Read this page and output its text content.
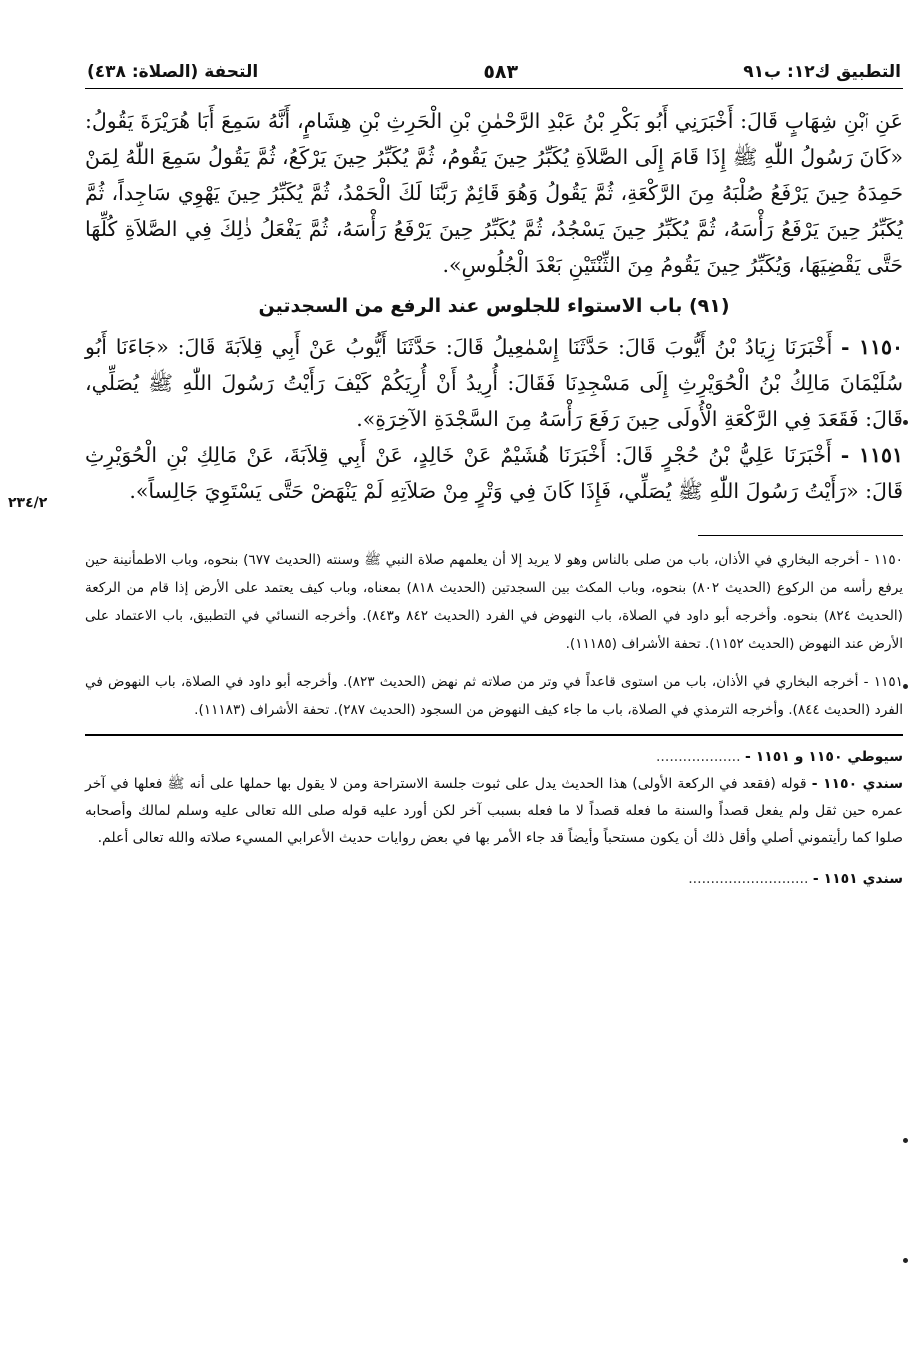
التطبيق ك١٢: ب٩١
٥٨٣
التحفة (الصلاة: ٤٣٨)

عَنِ ٱبْنِ شِهَابٍ قَالَ: أَخْبَرَنِي أَبُو بَكْرِ بْنُ عَبْدِ الرَّحْمٰنِ بْنِ الْحَرِثِ بْنِ هِشَامٍ، أَنَّهُ سَمِعَ أَبَا هُرَيْرَةَ يَقُولُ: «كَانَ رَسُولُ اللّٰهِ ﷺ إِذَا قَامَ إِلَى الصَّلاَةِ يُكَبِّرُ حِينَ يَقُومُ، ثُمَّ يُكَبِّرُ حِينَ يَرْكَعُ، ثُمَّ يَقُولُ سَمِعَ اللّٰهُ لِمَنْ حَمِدَهُ حِينَ يَرْفَعُ صُلْبَهُ مِنَ الرَّكْعَةِ، ثُمَّ يَقُولُ وَهُوَ قَائِمٌ رَبَّنَا لَكَ الْحَمْدُ، ثُمَّ يُكَبِّرُ حِينَ يَهْوِي سَاجِداً، ثُمَّ يُكَبِّرُ حِينَ يَرْفَعُ رَأْسَهُ، ثُمَّ يُكَبِّرُ حِينَ يَسْجُدُ، ثُمَّ يُكَبِّرُ حِينَ يَرْفَعُ رَأْسَهُ، ثُمَّ يَفْعَلُ ذٰلِكَ فِي الصَّلاَةِ كُلِّهَا حَتَّى يَقْضِيَهَا، وَيُكَبِّرُ حِينَ يَقُومُ مِنَ الثِّنْتَيْنِ بَعْدَ الْجُلُوسِ».

(٩١) باب الاستواء للجلوس عند الرفع من السجدتين

١١٥٠ - أَخْبَرَنَا زِيَادُ بْنُ أَيُّوبَ قَالَ: حَدَّثَنَا إِسْمٰعِيلُ قَالَ: حَدَّثَنَا أَيُّوبُ عَنْ أَبِي قِلاَبَةَ قَالَ: «جَاءَنَا أَبُو سُلَيْمَانَ مَالِكُ بْنُ الْحُوَيْرِثِ إِلَى مَسْجِدِنَا فَقَالَ: أُرِيدُ أَنْ أُرِيَكُمْ كَيْفَ رَأَيْتُ رَسُولَ اللّٰهِ ﷺ يُصَلِّي، قَالَ: فَقَعَدَ فِي الرَّكْعَةِ الْأُولَى حِينَ رَفَعَ رَأْسَهُ مِنَ السَّجْدَةِ الآخِرَةِ».

١١٥١ - أَخْبَرَنَا عَلِيُّ بْنُ حُجْرٍ قَالَ: أَخْبَرَنَا هُشَيْمٌ عَنْ خَالِدٍ، عَنْ أَبِي قِلاَبَةَ، عَنْ مَالِكِ بْنِ الْحُوَيْرِثِ قَالَ: «رَأَيْتُ رَسُولَ اللّٰهِ ﷺ يُصَلِّي، فَإِذَا كَانَ فِي وَتْرٍ مِنْ صَلاَتِهِ لَمْ يَنْهَضْ حَتَّى يَسْتَوِيَ جَالِساً».

١١٥٠ - أخرجه البخاري في الأذان، باب من صلى بالناس وهو لا يريد إلا أن يعلمهم صلاة النبي ﷺ وسنته (الحديث ٦٧٧) بنحوه، وباب الاطمأنينة حين يرفع رأسه من الركوع (الحديث ٨٠٢) بنحوه، وباب المكث بين السجدتين (الحديث ٨١٨) بمعناه، وباب كيف يعتمد على الأرض إذا قام من الركعة (الحديث ٨٢٤) بنحوه. وأخرجه أبو داود في الصلاة، باب النهوض في الفرد (الحديث ٨٤٢ و٨٤٣). وأخرجه النسائي في التطبيق، باب الاعتماد على الأرض عند النهوض (الحديث ١١٥٢). تحفة الأشراف (١١١٨٥).

١١٥١ - أخرجه البخاري في الأذان، باب من استوى قاعداً في وتر من صلاته ثم نهض (الحديث ٨٢٣). وأخرجه أبو داود في الصلاة، باب النهوض في الفرد (الحديث ٨٤٤). وأخرجه الترمذي في الصلاة، باب ما جاء كيف النهوض من السجود (الحديث ٢٨٧). تحفة الأشراف (١١١٨٣).

سيوطي ١١٥٠ و ١١٥١ - ...................

سندي ١١٥٠ - قوله (فقعد في الركعة الأولى) هذا الحديث يدل على ثبوت جلسة الاستراحة ومن لا يقول بها حملها على أنه ﷺ فعلها في آخر عمره حين ثقل ولم يفعل قصداً والسنة ما فعله قصداً لا ما فعله بسبب آخر لكن أورد عليه قوله صلى الله تعالى عليه وسلم لمالك وأصحابه صلوا كما رأيتموني أصلي وأقل ذلك أن يكون مستحباً وأيضاً قد جاء الأمر بها في بعض روايات حديث الأعرابي المسيء صلاته والله تعالى أعلم.

سندي ١١٥١ - ...........................

٢٣٤/٢
